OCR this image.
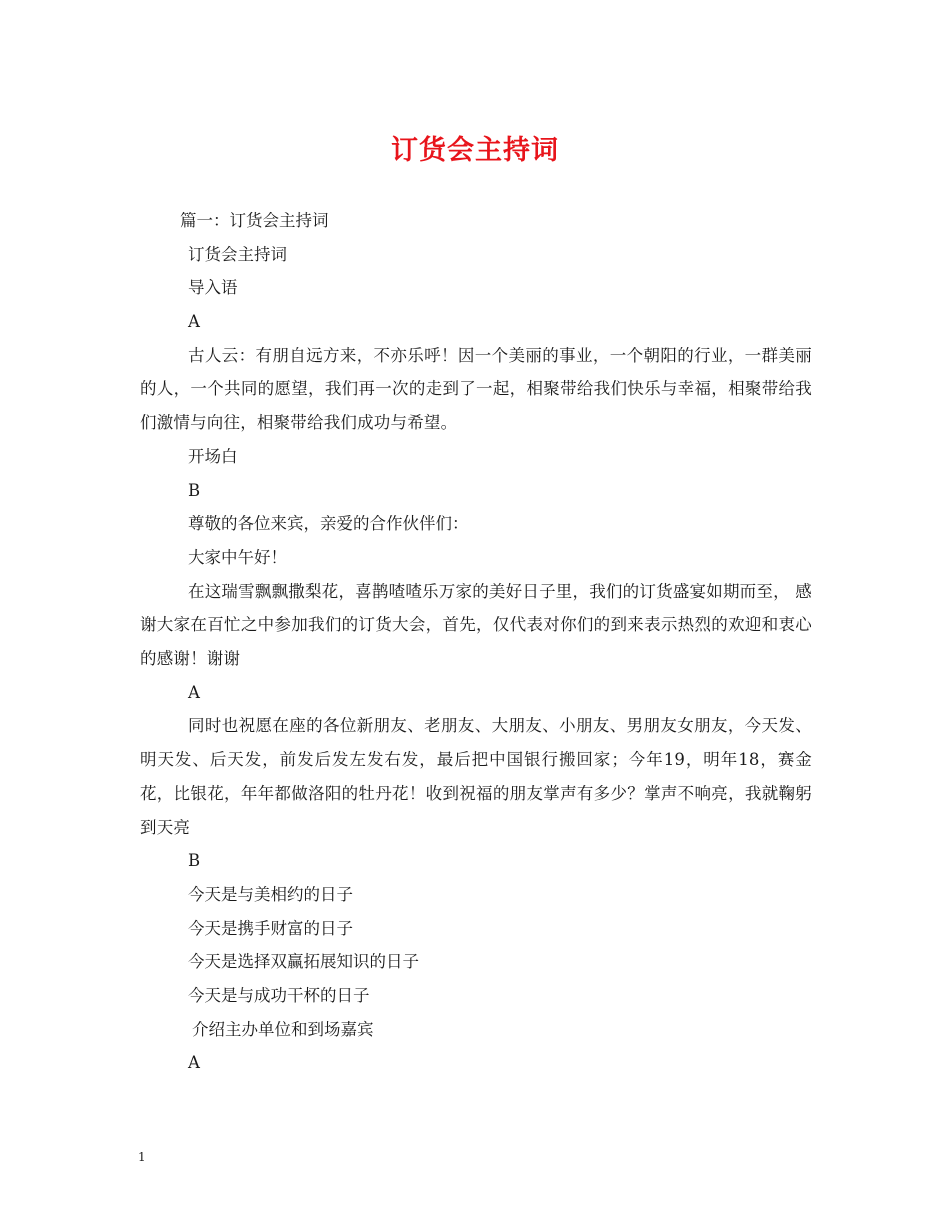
订货会主持词
篇一：订货会主持词
订货会主持词
导入语
A
古人云：有朋自远方来，不亦乐呼！因一个美丽的事业，一个朝阳的行业，一群美丽的人，一个共同的愿望，我们再一次的走到了一起，相聚带给我们快乐与幸福，相聚带给我们激情与向往，相聚带给我们成功与希望。
开场白
B
尊敬的各位来宾，亲爱的合作伙伴们：
大家中午好！
在这瑞雪飘飘撒梨花，喜鹊喳喳乐万家的美好日子里，我们的订货盛宴如期而至， 感谢大家在百忙之中参加我们的订货大会，首先，仅代表对你们的到来表示热烈的欢迎和衷心的感谢！谢谢
A
同时也祝愿在座的各位新朋友、老朋友、大朋友、小朋友、男朋友女朋友，今天发、明天发、后天发，前发后发左发右发，最后把中国银行搬回家；今年19，明年18，赛金花，比银花，年年都做洛阳的牡丹花！收到祝福的朋友掌声有多少？掌声不响亮，我就鞠躬到天亮
B
今天是与美相约的日子
今天是携手财富的日子
今天是选择双赢拓展知识的日子
今天是与成功干杯的日子
介绍主办单位和到场嘉宾
A
1
